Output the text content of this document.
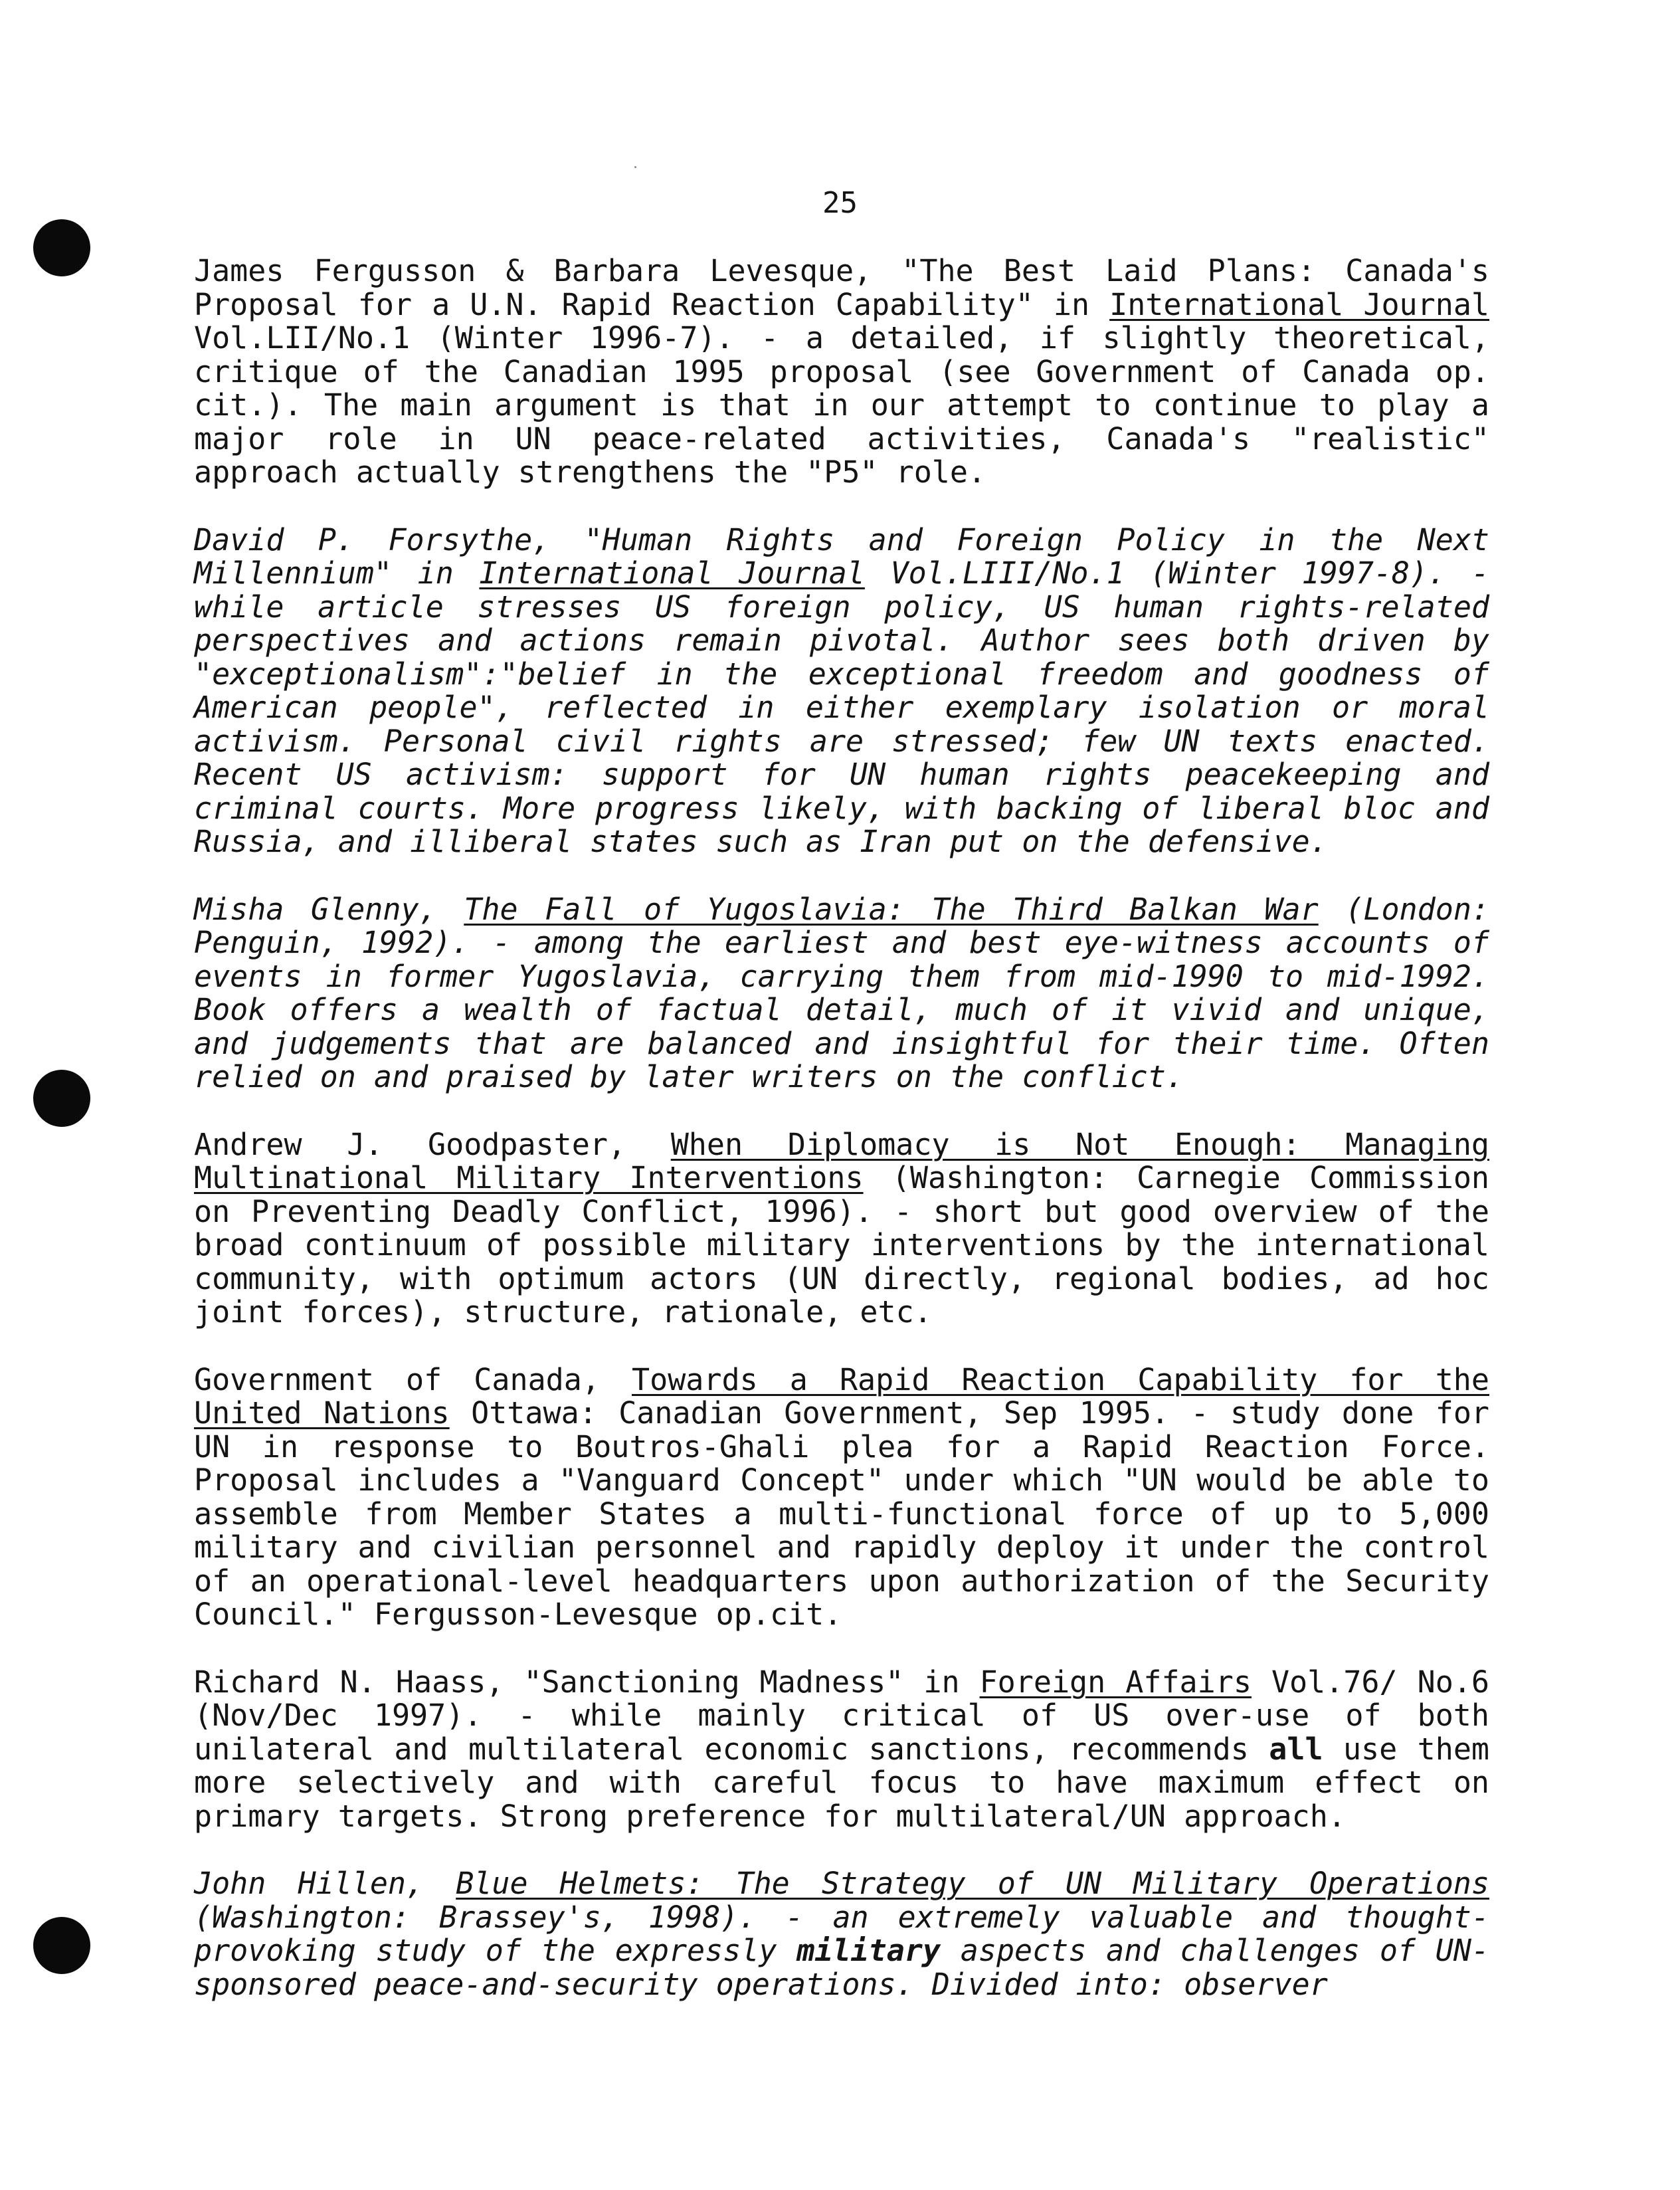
25

James Fergusson & Barbara Levesque, "The Best Laid Plans: Canada's Proposal for a U.N. Rapid Reaction Capability" in International Journal Vol.LII/No.1 (Winter 1996-7). - a detailed, if slightly theoretical, critique of the Canadian 1995 proposal (see Government of Canada op. cit.). The main argument is that in our attempt to continue to play a major role in UN peace-related activities, Canada's "realistic" approach actually strengthens the "P5" role.

David P. Forsythe, "Human Rights and Foreign Policy in the Next Millennium" in International Journal Vol.LIII/No.1 (Winter 1997-8). - while article stresses US foreign policy, US human rights-related perspectives and actions remain pivotal. Author sees both driven by "exceptionalism":"belief in the exceptional freedom and goodness of American people", reflected in either exemplary isolation or moral activism. Personal civil rights are stressed; few UN texts enacted. Recent US activism: support for UN human rights peacekeeping and criminal courts. More progress likely, with backing of liberal bloc and Russia, and illiberal states such as Iran put on the defensive.

Misha Glenny, The Fall of Yugoslavia: The Third Balkan War (London: Penguin, 1992). - among the earliest and best eye-witness accounts of events in former Yugoslavia, carrying them from mid-1990 to mid-1992. Book offers a wealth of factual detail, much of it vivid and unique, and judgements that are balanced and insightful for their time. Often relied on and praised by later writers on the conflict.

Andrew J. Goodpaster, When Diplomacy is Not Enough: Managing Multinational Military Interventions (Washington: Carnegie Commission on Preventing Deadly Conflict, 1996). - short but good overview of the broad continuum of possible military interventions by the international community, with optimum actors (UN directly, regional bodies, ad hoc joint forces), structure, rationale, etc.

Government of Canada, Towards a Rapid Reaction Capability for the United Nations Ottawa: Canadian Government, Sep 1995. - study done for UN in response to Boutros-Ghali plea for a Rapid Reaction Force. Proposal includes a "Vanguard Concept" under which "UN would be able to assemble from Member States a multi-functional force of up to 5,000 military and civilian personnel and rapidly deploy it under the control of an operational-level headquarters upon authorization of the Security Council." Fergusson-Levesque op.cit.

Richard N. Haass, "Sanctioning Madness" in Foreign Affairs Vol.76/ No.6 (Nov/Dec 1997). - while mainly critical of US over-use of both unilateral and multilateral economic sanctions, recommends all use them more selectively and with careful focus to have maximum effect on primary targets. Strong preference for multilateral/UN approach.

John Hillen, Blue Helmets: The Strategy of UN Military Operations (Washington: Brassey's, 1998). - an extremely valuable and thought-provoking study of the expressly military aspects and challenges of UN-sponsored peace-and-security operations. Divided into: observer
